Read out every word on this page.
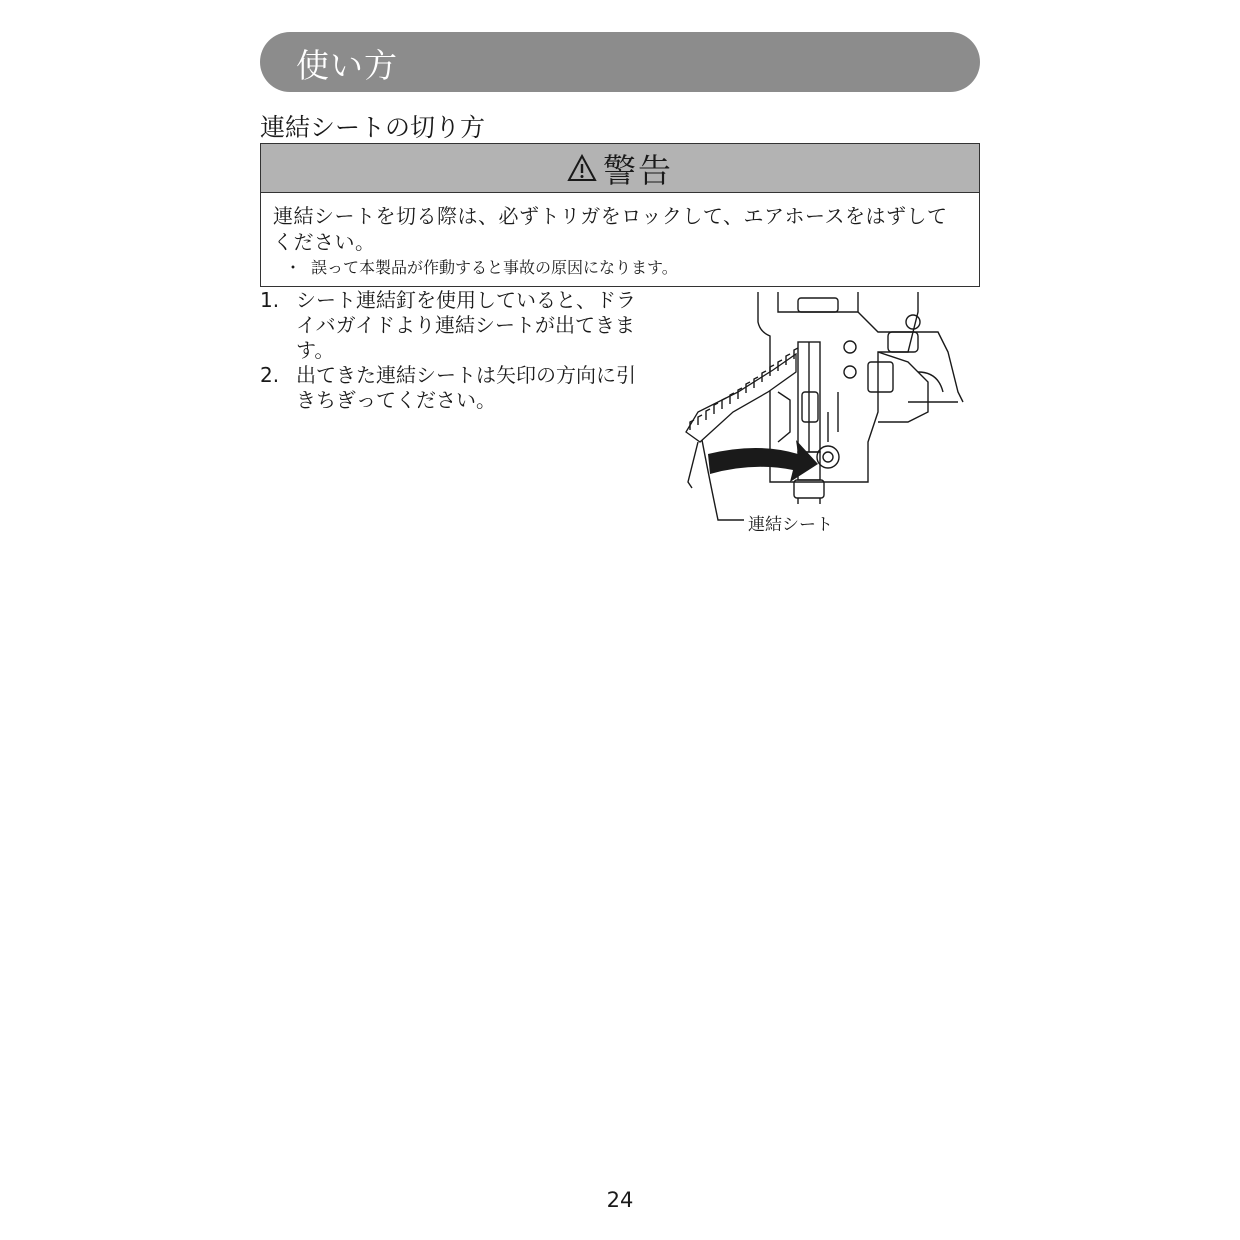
使い方
連結シートの切り方
警告
連結シートを切る際は、必ずトリガをロックして、エアホースをはずしてください。
・ 誤って本製品が作動すると事故の原因になります。
1. シート連結釘を使用していると、ドライバガイドより連結シートが出てきます。
2. 出てきた連結シートは矢印の方向に引きちぎってください。
連結シート
24
